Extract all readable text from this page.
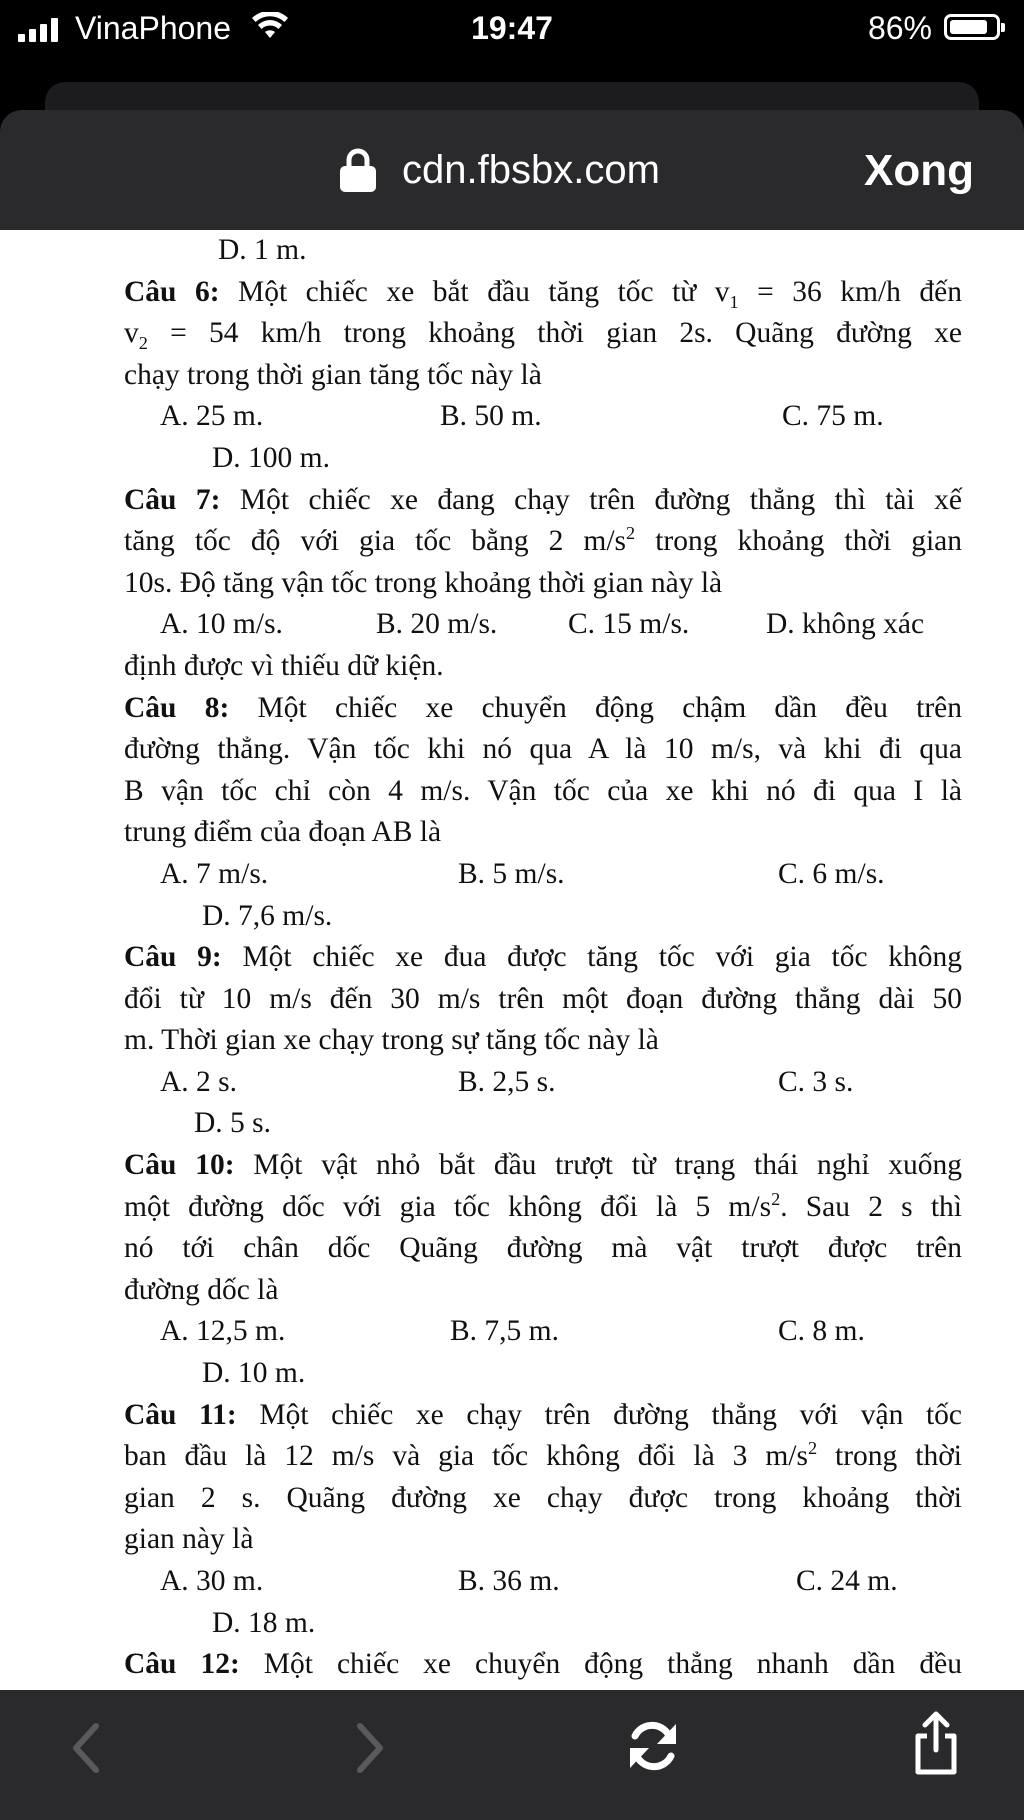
VinaPhone	19:47	86%
cdn.fbsbx.com	Xong
D. 1 m.
Câu 6: Một chiếc xe bắt đầu tăng tốc từ $v_1 = 36$ km/h đến
$v_2 = 54$ km/h trong khoảng thời gian 2s. Quãng đường xe
chạy trong thời gian tăng tốc này là
A. 25 m.	B. 50 m.	C. 75 m.
D. 100 m.
Câu 7: Một chiếc xe đang chạy trên đường thẳng thì tài xế
tăng tốc độ với gia tốc bằng 2 $m/s^2$ trong khoảng thời gian
10s. Độ tăng vận tốc trong khoảng thời gian này là
A. 10 m/s.	B. 20 m/s.	C. 15 m/s.	D. không xác
định được vì thiếu dữ kiện.
Câu 8: Một chiếc xe chuyển động chậm dần đều trên
đường thẳng. Vận tốc khi nó qua A là 10 m/s, và khi đi qua
B vận tốc chỉ còn 4 m/s. Vận tốc của xe khi nó đi qua I là
trung điểm của đoạn AB là
A. 7 m/s.	B. 5 m/s.	C. 6 m/s.
D. 7,6 m/s.
Câu 9: Một chiếc xe đua được tăng tốc với gia tốc không
đổi từ 10 m/s đến 30 m/s trên một đoạn đường thẳng dài 50
m. Thời gian xe chạy trong sự tăng tốc này là
A. 2 s.	B. 2,5 s.	C. 3 s.
D. 5 s.
Câu 10: Một vật nhỏ bắt đầu trượt từ trạng thái nghỉ xuống
một đường dốc với gia tốc không đổi là 5 $m/s^2$. Sau 2 s thì
nó tới chân dốc Quãng đường mà vật trượt được trên
đường dốc là
A. 12,5 m.	B. 7,5 m.	C. 8 m.
D. 10 m.
Câu 11: Một chiếc xe chạy trên đường thẳng với vận tốc
ban đầu là 12 m/s và gia tốc không đổi là 3 $m/s^2$ trong thời
gian 2 s. Quãng đường xe chạy được trong khoảng thời
gian này là
A. 30 m.	B. 36 m.	C. 24 m.
D. 18 m.
Câu 12: Một chiếc xe chuyển động thẳng nhanh dần đều
